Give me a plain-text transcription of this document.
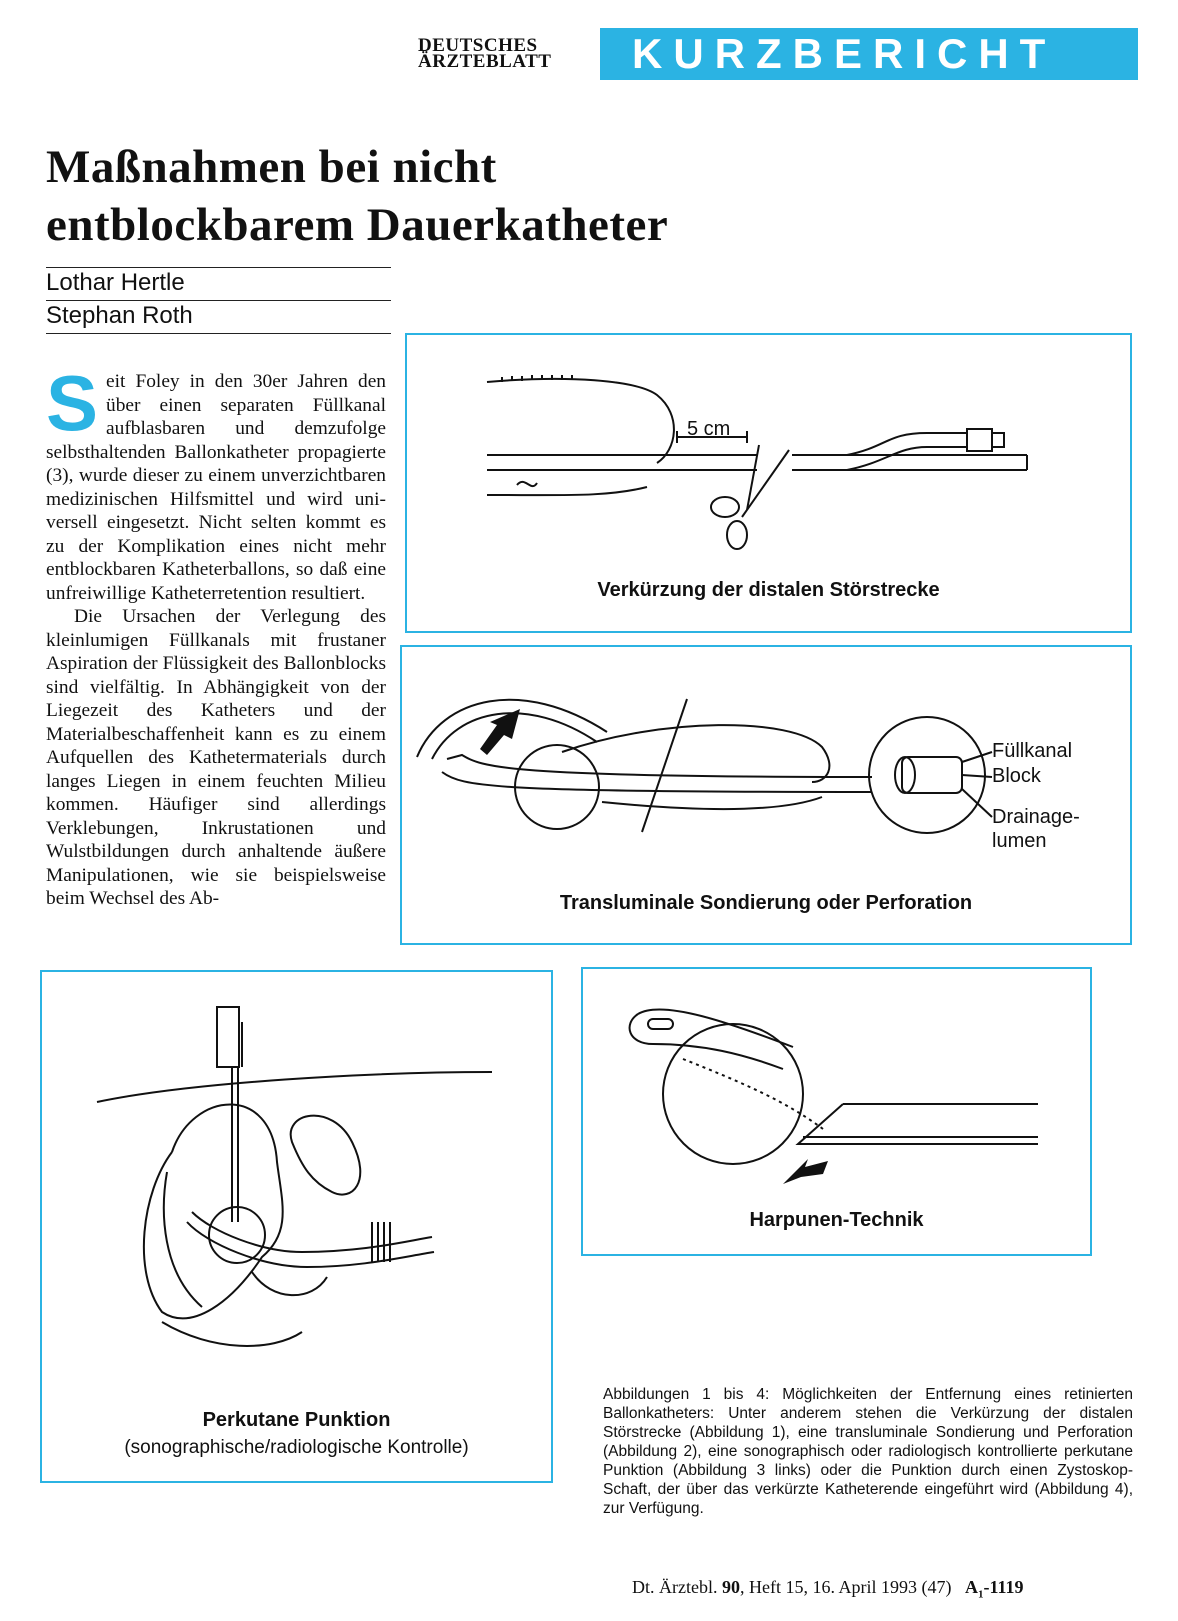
DEUTSCHES
ÄRZTEBLATT KURZBERICHT
Maßnahmen bei nicht
entblockbarem Dauerkatheter
Lothar Hertle
Stephan Roth

Seit Foley in den 30er Jahren den über einen separaten Füllkanal aufblasbaren und demzufolge selbsthaltenden Ballonkatheter propagierte (3), wurde dieser zu einem unverzichtbaren medizinischen Hilfsmittel und wird universell eingesetzt. Nicht selten kommt es zu der Komplikation eines nicht mehr entblockbaren Katheterballons, so daß eine unfreiwillige Katheterretention resultiert.

Die Ursachen der Verlegung des kleinlumigen Füllkanals mit frustaner Aspiration der Flüssigkeit des Ballonblocks sind vielfältig. In Abhängigkeit von der Liegezeit des Katheters und der Materialbeschaffenheit kann es zu einem Aufquellen des Kathetermaterials durch langes Liegen in einem feuchten Milieu kommen. Häufiger sind allerdings Verklebungen, Inkrustationen und Wulstbildungen durch anhaltende äußere Manipulationen, wie sie beispielsweise beim Wechsel des Ab-

5 cm
Verkürzung der distalen Störstrecke
Füllkanal
Block
Drainage-
lumen
Transluminale Sondierung oder Perforation
Perkutane Punktion
(sonographische/radiologische Kontrolle)
Harpunen-Technik
Abbildungen 1 bis 4: Möglichkeiten der Entfernung eines retinierten Ballonkatheters: Unter anderem stehen die Verkürzung der distalen Störstrecke (Abbildung 1), eine transluminale Sondierung und Perforation (Abbildung 2), eine sonographisch oder radiologisch kontrollierte perkutane Punktion (Abbildung 3 links) oder die Punktion durch einen Zystoskop-Schaft, der über das verkürzte Katheterende eingeführt wird (Abbildung 4), zur Verfügung.
Dt. Ärztebl. 90, Heft 15, 16. April 1993 (47) $A_1-1119$
